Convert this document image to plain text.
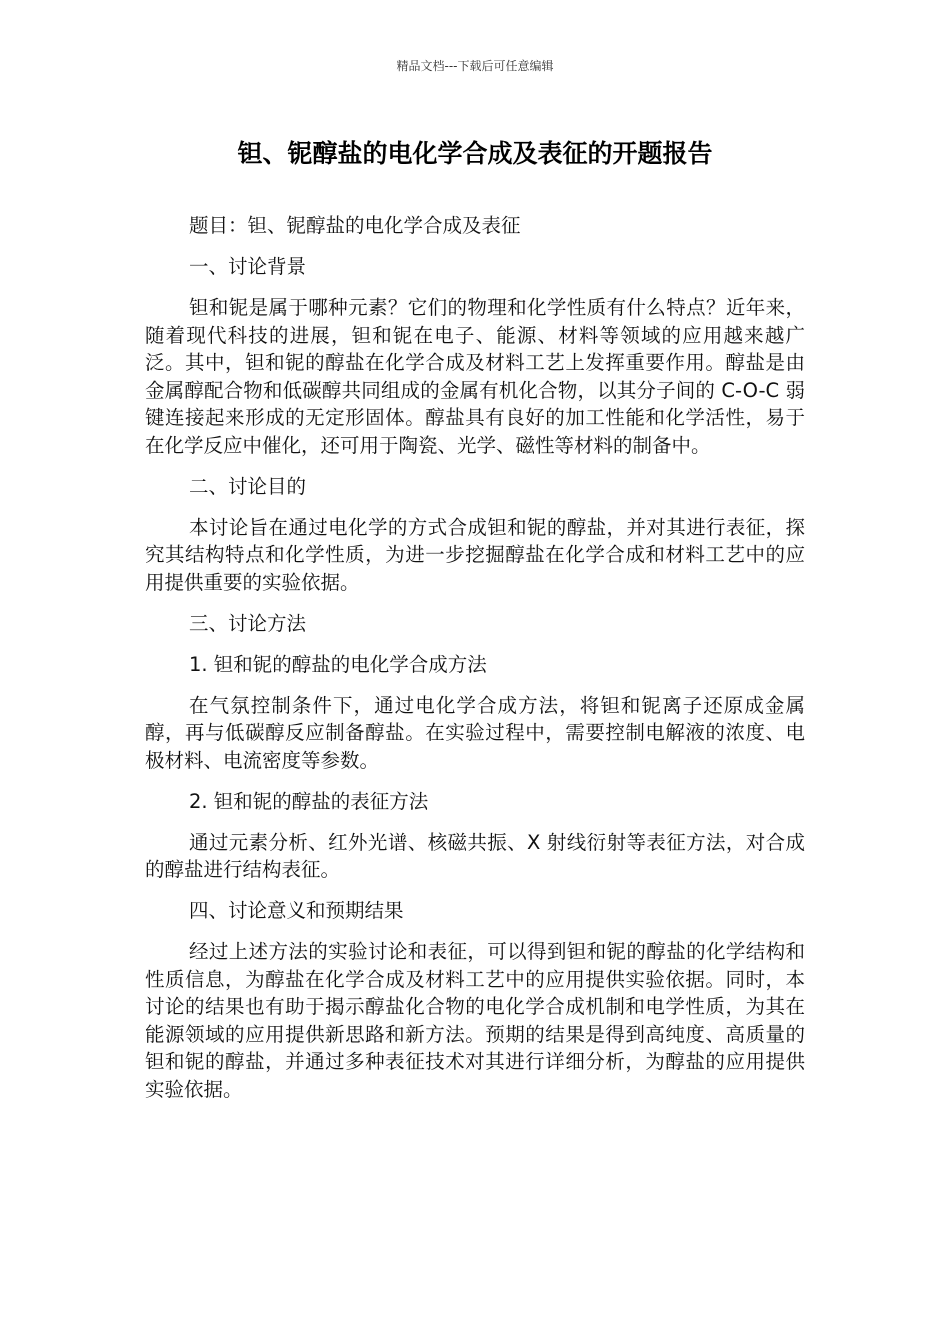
精品文档---下载后可任意编辑
钽、铌醇盐的电化学合成及表征的开题报告

题目：钽、铌醇盐的电化学合成及表征

一、讨论背景

钽和铌是属于哪种元素？它们的物理和化学性质有什么特点？近年来，随着现代科技的进展，钽和铌在电子、能源、材料等领域的应用越来越广泛。其中，钽和铌的醇盐在化学合成及材料工艺上发挥重要作用。醇盐是由金属醇配合物和低碳醇共同组成的金属有机化合物，以其分子间的 C-O-C 弱键连接起来形成的无定形固体。醇盐具有良好的加工性能和化学活性，易于在化学反应中催化，还可用于陶瓷、光学、磁性等材料的制备中。

二、讨论目的

本讨论旨在通过电化学的方式合成钽和铌的醇盐，并对其进行表征，探究其结构特点和化学性质，为进一步挖掘醇盐在化学合成和材料工艺中的应用提供重要的实验依据。

三、讨论方法

1. 钽和铌的醇盐的电化学合成方法

在气氛控制条件下，通过电化学合成方法，将钽和铌离子还原成金属醇，再与低碳醇反应制备醇盐。在实验过程中，需要控制电解液的浓度、电极材料、电流密度等参数。

2. 钽和铌的醇盐的表征方法

通过元素分析、红外光谱、核磁共振、X 射线衍射等表征方法，对合成的醇盐进行结构表征。

四、讨论意义和预期结果

经过上述方法的实验讨论和表征，可以得到钽和铌的醇盐的化学结构和性质信息，为醇盐在化学合成及材料工艺中的应用提供实验依据。同时，本讨论的结果也有助于揭示醇盐化合物的电化学合成机制和电学性质，为其在能源领域的应用提供新思路和新方法。预期的结果是得到高纯度、高质量的钽和铌的醇盐，并通过多种表征技术对其进行详细分析，为醇盐的应用提供实验依据。
